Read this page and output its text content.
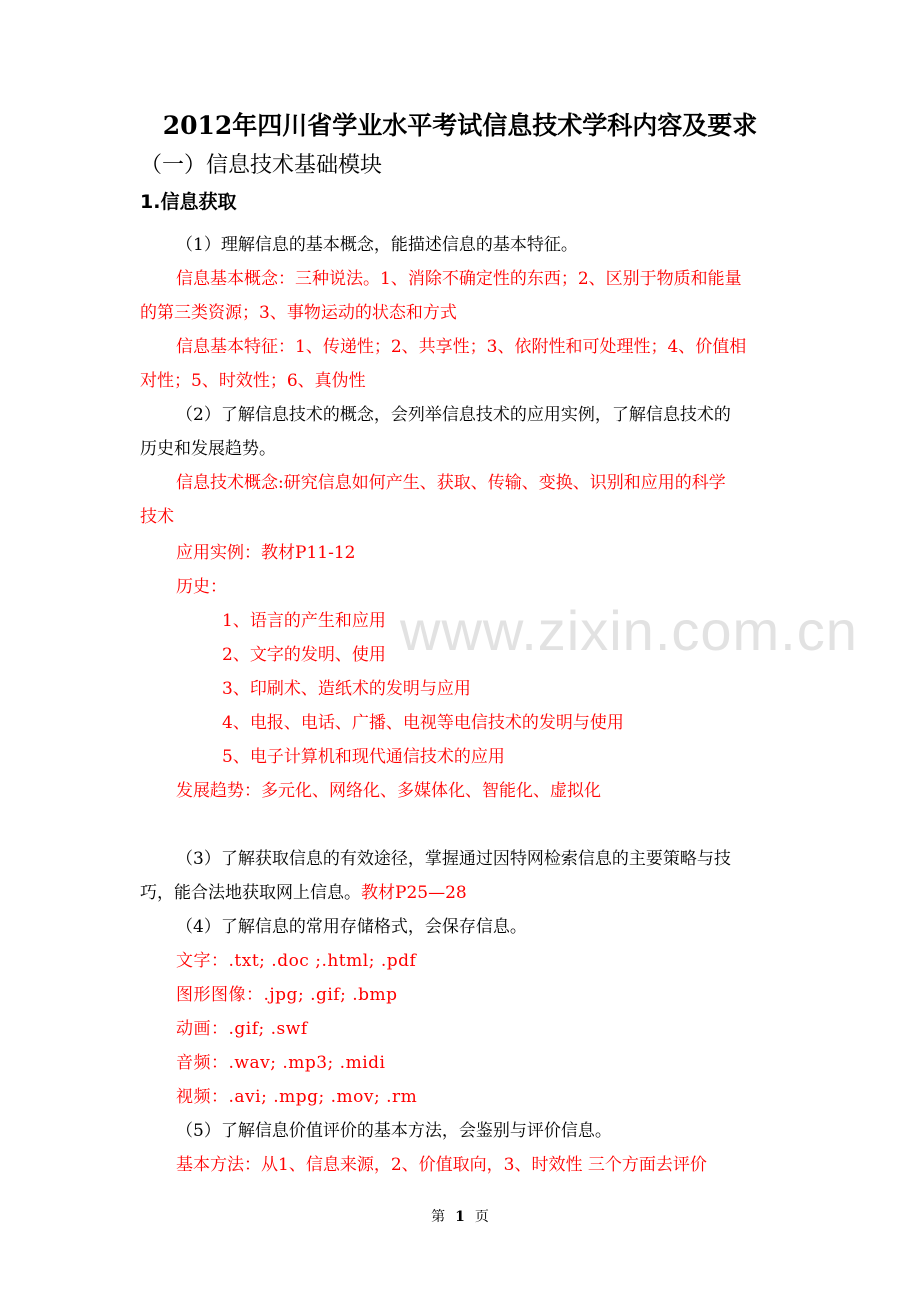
www.zixin.com.cn
2012年四川省学业水平考试信息技术学科内容及要求
（一）信息技术基础模块
1.信息获取
（1）理解信息的基本概念，能描述信息的基本特征。
信息基本概念：三种说法。1、消除不确定性的东西；2、区别于物质和能量
的第三类资源；3、事物运动的状态和方式
信息基本特征：1、传递性；2、共享性；3、依附性和可处理性；4、价值相
对性；5、时效性；6、真伪性
（2）了解信息技术的概念，会列举信息技术的应用实例，了解信息技术的
历史和发展趋势。
信息技术概念:研究信息如何产生、获取、传输、变换、识别和应用的科学
技术
应用实例：教材P11-12
历史：
1、语言的产生和应用
2、文字的发明、使用
3、印刷术、造纸术的发明与应用
4、电报、电话、广播、电视等电信技术的发明与使用
5、电子计算机和现代通信技术的应用
发展趋势：多元化、网络化、多媒体化、智能化、虚拟化
（3）了解获取信息的有效途径，掌握通过因特网检索信息的主要策略与技
巧，能合法地获取网上信息。教材P25—28
（4）了解信息的常用存储格式，会保存信息。
文字：.txt; .doc ;.html; .pdf
图形图像：.jpg; .gif; .bmp
动画：.gif; .swf
音频：.wav; .mp3; .midi
视频：.avi; .mpg; .mov; .rm
（5）了解信息价值评价的基本方法，会鉴别与评价信息。
基本方法：从1、信息来源，2、价值取向，3、时效性 三个方面去评价
第 1 页
